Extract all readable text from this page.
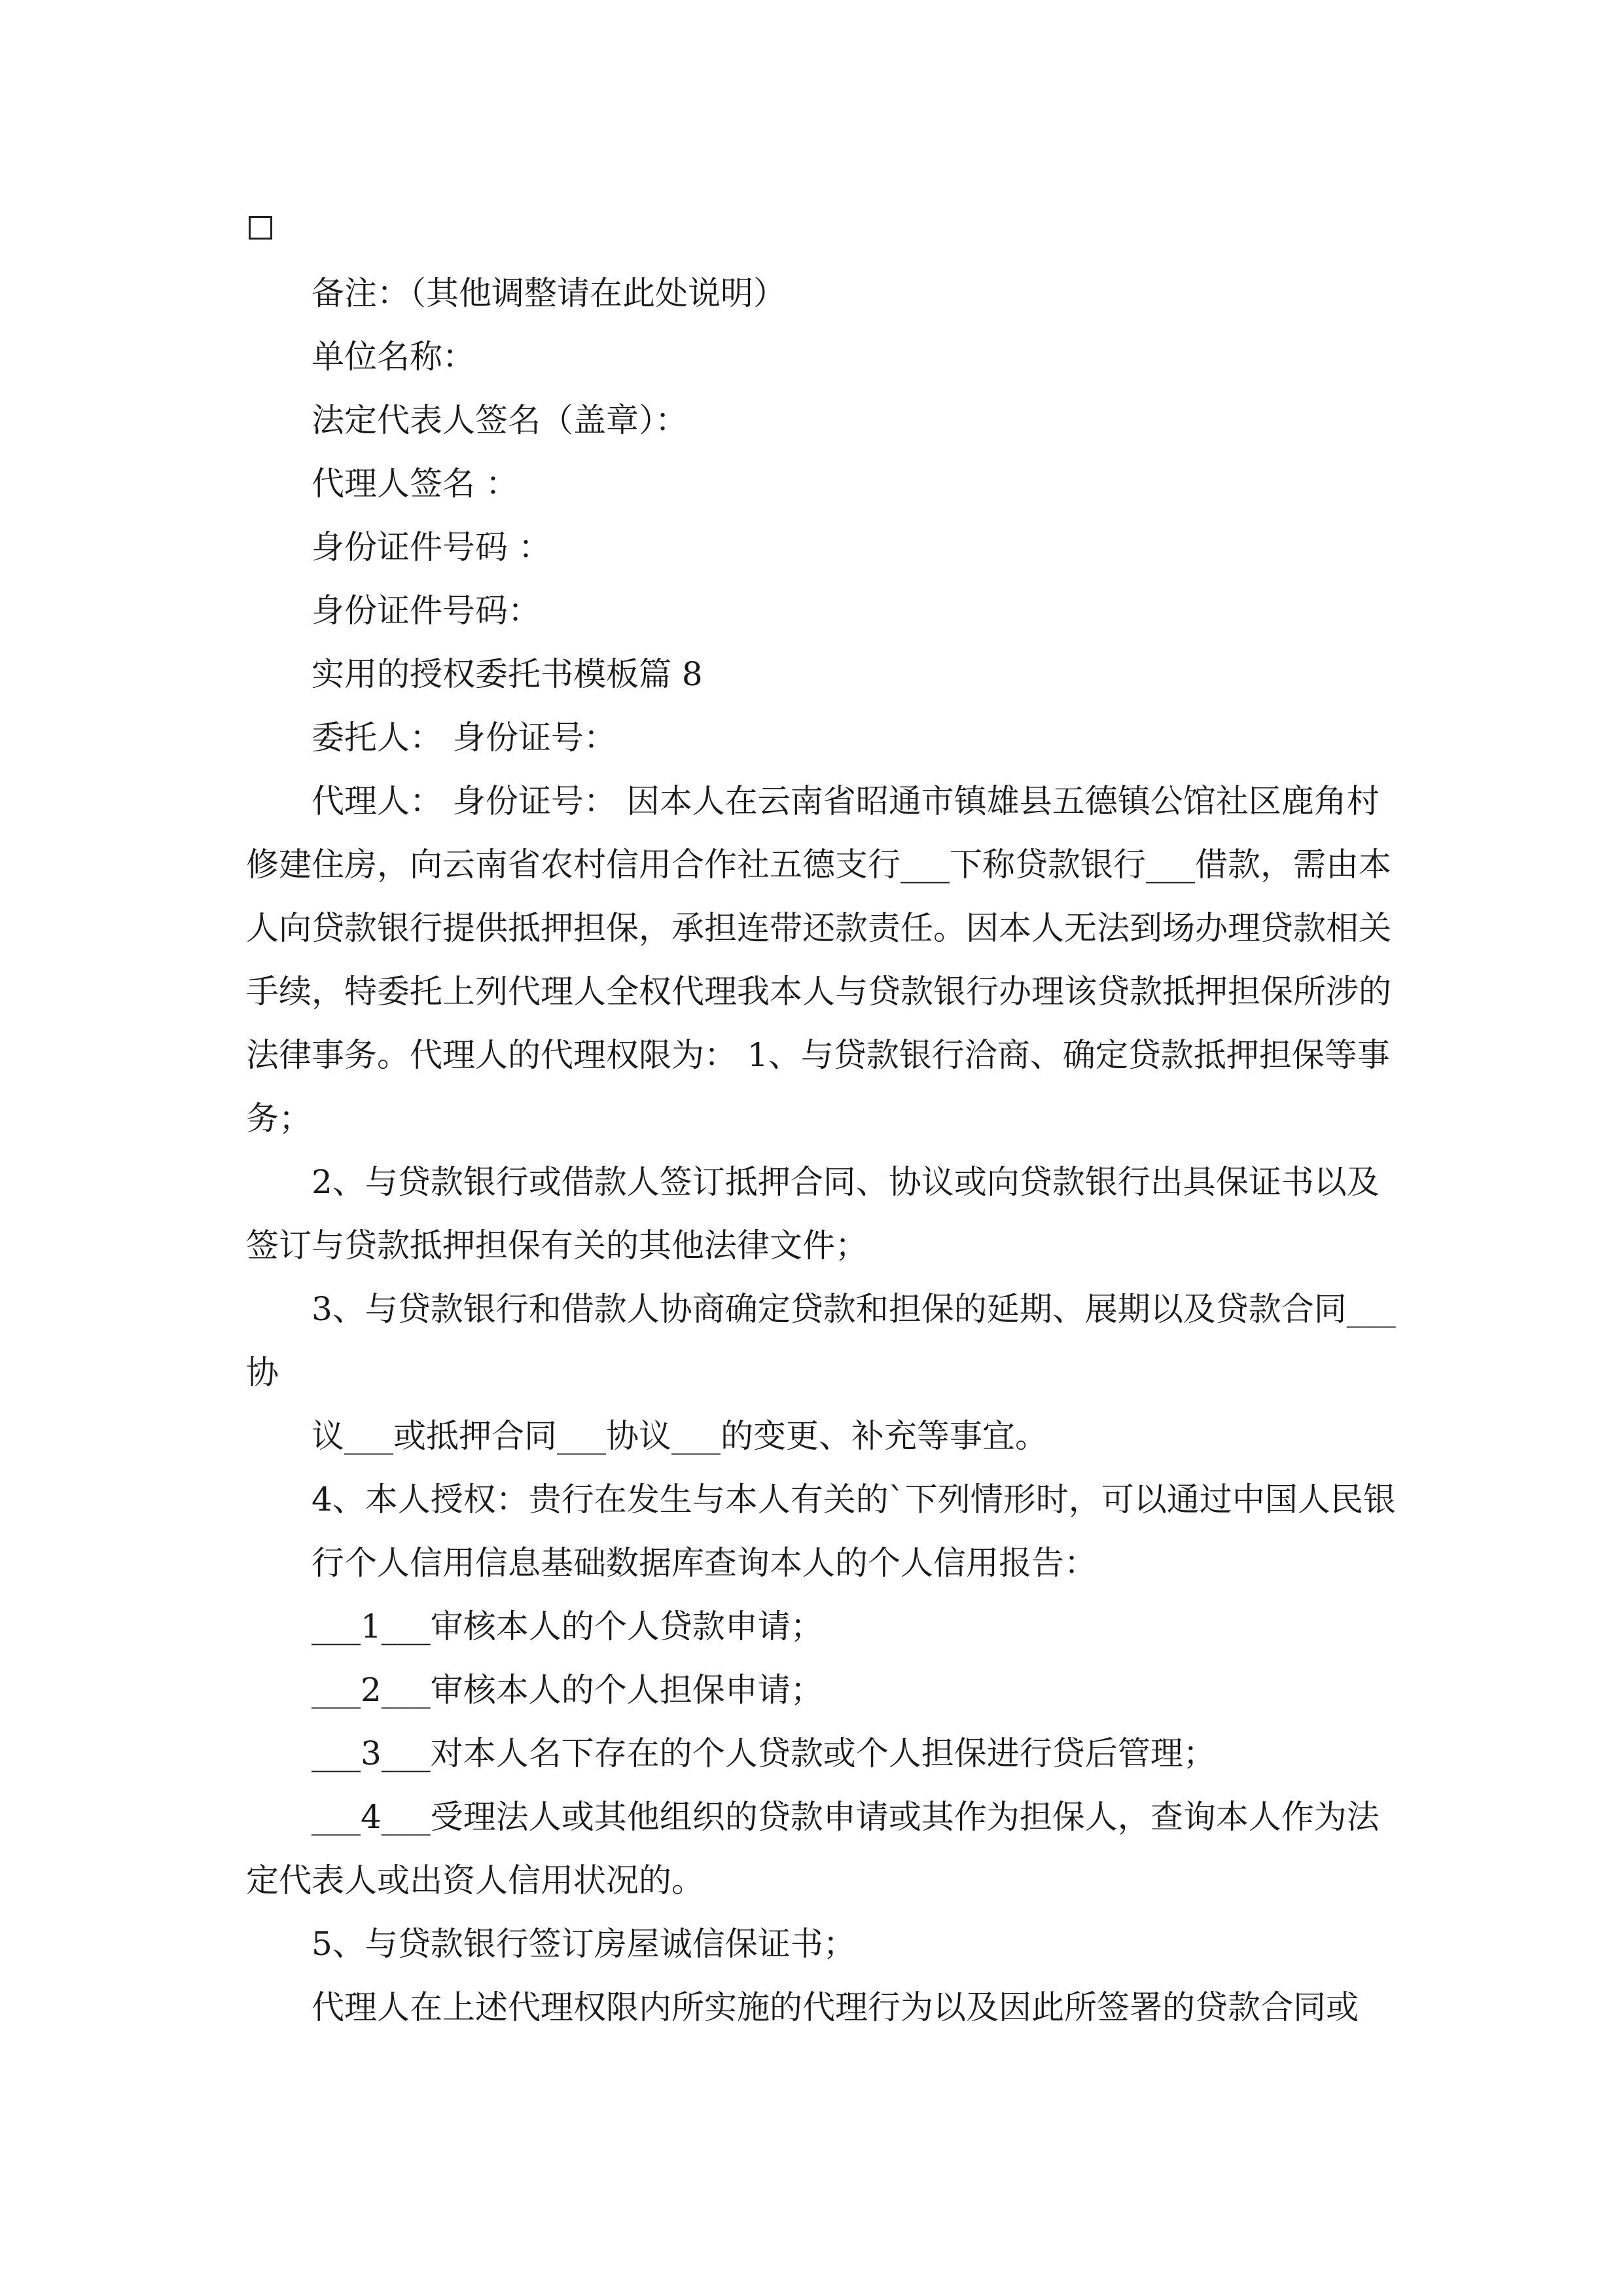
备注：（其他调整请在此处说明）

单位名称：

法定代表人签名（盖章）：

代理人签名 ：

身份证件号码 ：

身份证件号码：

实用的授权委托书模板篇 8

委托人： 身份证号：

代理人： 身份证号： 因本人在云南省昭通市镇雄县五德镇公馆社区鹿角村

修建住房，向云南省农村信用合作社五德支行___下称贷款银行___借款，需由本

人向贷款银行提供抵押担保，承担连带还款责任。因本人无法到场办理贷款相关

手续，特委托上列代理人全权代理我本人与贷款银行办理该贷款抵押担保所涉的

法律事务。代理人的代理权限为： 1、与贷款银行洽商、确定贷款抵押担保等事

务；

2、与贷款银行或借款人签订抵押合同、协议或向贷款银行出具保证书以及

签订与贷款抵押担保有关的其他法律文件；

3、与贷款银行和借款人协商确定贷款和担保的延期、展期以及贷款合同___

协

议___或抵押合同___协议___的变更、补充等事宜。

4、本人授权：贵行在发生与本人有关的`下列情形时，可以通过中国人民银

行个人信用信息基础数据库查询本人的个人信用报告：

___1___审核本人的个人贷款申请；

___2___审核本人的个人担保申请；

___3___对本人名下存在的个人贷款或个人担保进行贷后管理；

___4___受理法人或其他组织的贷款申请或其作为担保人，查询本人作为法

定代表人或出资人信用状况的。

5、与贷款银行签订房屋诚信保证书；

代理人在上述代理权限内所实施的代理行为以及因此所签署的贷款合同或
